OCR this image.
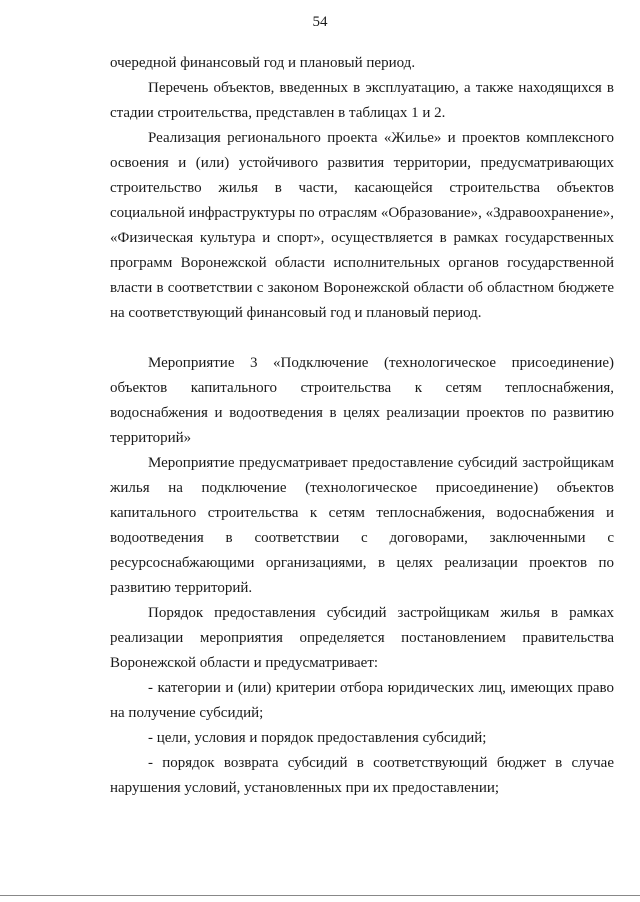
54

очередной финансовый год и плановый период.

Перечень объектов, введенных в эксплуатацию, а также находящихся в стадии строительства, представлен в таблицах 1 и 2.

Реализация регионального проекта «Жилье» и проектов комплексного освоения и (или) устойчивого развития территории, предусматривающих строительство жилья в части, касающейся строительства объектов социальной инфраструктуры по отраслям «Образование», «Здравоохранение», «Физическая культура и спорт», осуществляется в рамках государственных программ Воронежской области исполнительных органов государственной власти в соответствии с законом Воронежской области об областном бюджете на соответствующий финансовый год и плановый период.

Мероприятие 3 «Подключение (технологическое присоединение) объектов капитального строительства к сетям теплоснабжения, водоснабжения и водоотведения в целях реализации проектов по развитию территорий»

Мероприятие предусматривает предоставление субсидий застройщикам жилья на подключение (технологическое присоединение) объектов капитального строительства к сетям теплоснабжения, водоснабжения и водоотведения в соответствии с договорами, заключенными с ресурсоснабжающими организациями, в целях реализации проектов по развитию территорий.

Порядок предоставления субсидий застройщикам жилья в рамках реализации мероприятия определяется постановлением правительства Воронежской области и предусматривает:

- категории и (или) критерии отбора юридических лиц, имеющих право на получение субсидий;

- цели, условия и порядок предоставления субсидий;

- порядок возврата субсидий в соответствующий бюджет в случае нарушения условий, установленных при их предоставлении;
